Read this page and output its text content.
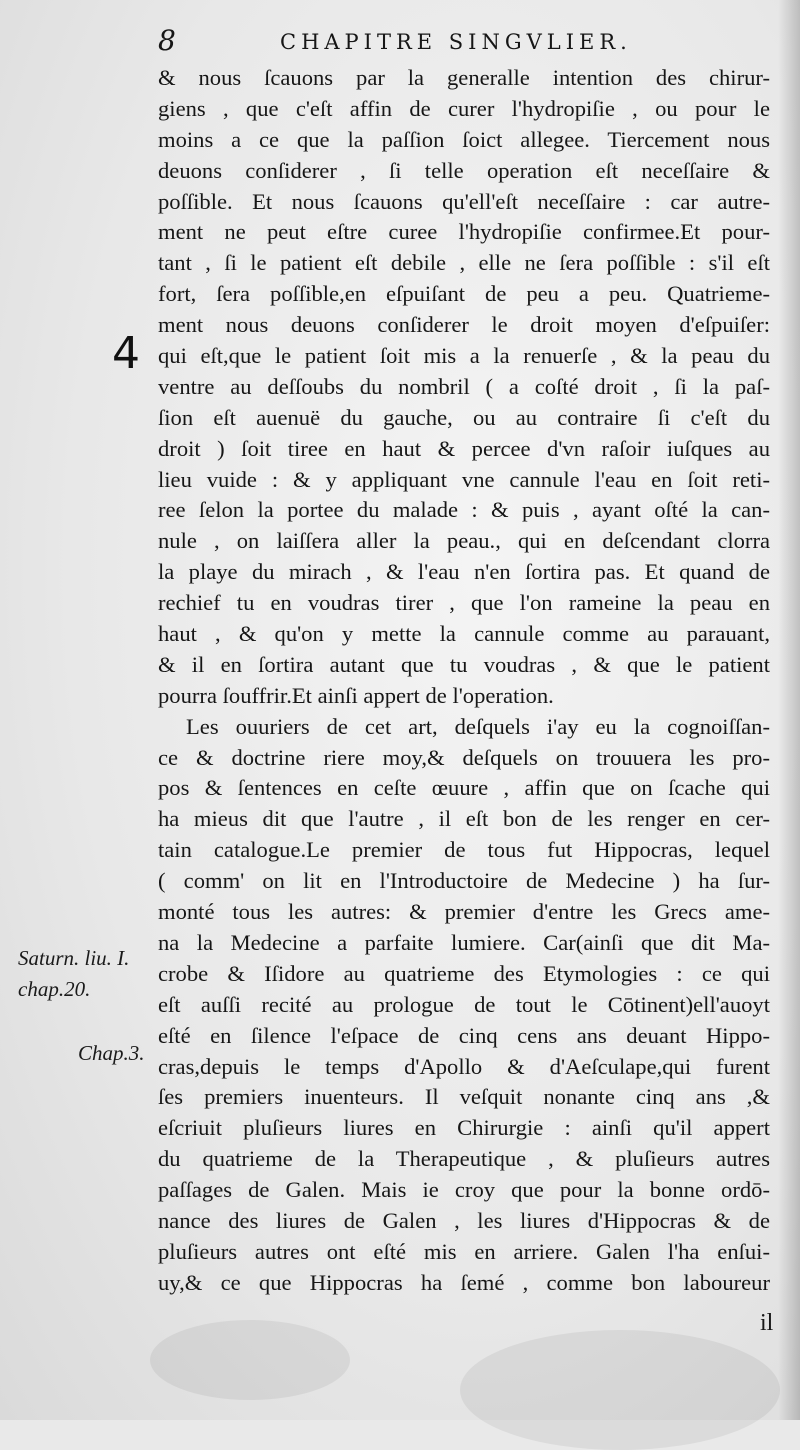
8	CHAPITRE SINGVLIER.
4
& nous ſcauons par la generalle intention des chirur-
giens , que c'eſt affin de curer l'hydropiſie , ou pour le
moins a ce que la paſſion ſoict allegee. Tiercement nous
deuons conſiderer , ſi telle operation eſt neceſſaire &
poſſible. Et nous ſcauons qu'ell'eſt neceſſaire : car autre-
ment ne peut eſtre curee l'hydropiſie confirmee.Et pour-
tant , ſi le patient eſt debile , elle ne ſera poſſible : s'il eſt
fort, ſera poſſible,en eſpuiſant de peu a peu. Quatrieme-
ment nous deuons conſiderer le droit moyen d'eſpuiſer:
qui eſt,que le patient ſoit mis a la renuerſe , & la peau du
ventre au deſſoubs du nombril ( a coſté droit , ſi la paſ-
ſion eſt auenuë du gauche, ou au contraire ſi c'eſt du
droit ) ſoit tiree en haut & percee d'vn raſoir iuſques au
lieu vuide : & y appliquant vne cannule l'eau en ſoit reti-
ree ſelon la portee du malade : & puis , ayant oſté la can-
nule , on laiſſera aller la peau., qui en deſcendant clorra
la playe du mirach , & l'eau n'en ſortira pas. Et quand de
rechief tu en voudras tirer , que l'on rameine la peau en
haut , & qu'on y mette la cannule comme au parauant,
& il en ſortira autant que tu voudras , & que le patient
pourra ſouffrir.Et ainſi appert de l'operation.
Les ouuriers de cet art, deſquels i'ay eu la cognoiſſan-
ce & doctrine riere moy,& deſquels on trouuera les pro-
pos & ſentences en ceſte œuure , affin que on ſcache qui
ha mieus dit que l'autre , il eſt bon de les renger en cer-
tain catalogue.Le premier de tous fut Hippocras, lequel
( comm' on lit en l'Introductoire de Medecine ) ha ſur-
monté tous les autres: & premier d'entre les Grecs ame-
na la Medecine a parfaite lumiere. Car(ainſi que dit Ma-
crobe & Iſidore au quatrieme des Etymologies : ce qui
eſt auſſi recité au prologue de tout le Cōtinent)ell'auoyt
eſté en ſilence l'eſpace de cinq cens ans deuant Hippo-
cras,depuis le temps d'Apollo & d'Aeſculape,qui furent
ſes premiers inuenteurs. Il veſquit nonante cinq ans ,&
eſcriuit pluſieurs liures en Chirurgie : ainſi qu'il appert
du quatrieme de la Therapeutique , & pluſieurs autres
paſſages de Galen. Mais ie croy que pour la bonne ordō-
nance des liures de Galen , les liures d'Hippocras & de
pluſieurs autres ont eſté mis en arriere. Galen l'ha enſui-
uy,& ce que Hippocras ha ſemé , comme bon laboureur
Saturn. liu. I.
chap.20.
Chap.3.
il
